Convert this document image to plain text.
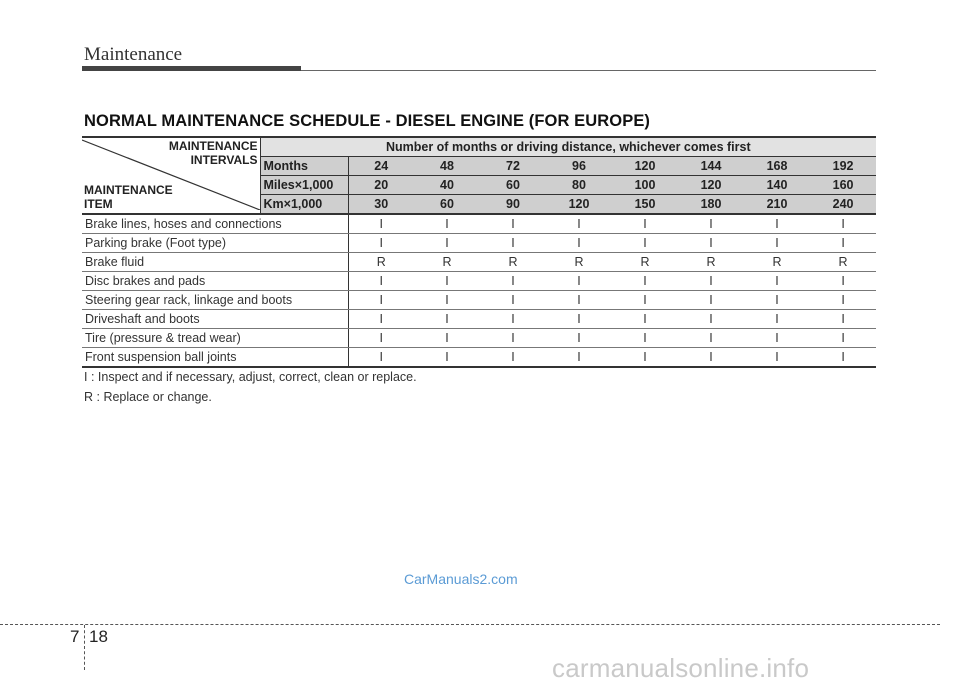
Maintenance
NORMAL MAINTENANCE SCHEDULE - DIESEL ENGINE (FOR EUROPE)
MAINTENANCE
INTERVALS
MAINTENANCE
ITEM	Number of months or driving distance, whichever comes first								
	Months	24	48	72	96	120	144	168	192
	Miles×1,000	20	40	60	80	100	120	140	160
	Km×1,000	30	60	90	120	150	180	210	240
Brake lines, hoses and connections		I	I	I	I	I	I	I	I
Parking brake (Foot type)		I	I	I	I	I	I	I	I
Brake fluid		R	R	R	R	R	R	R	R
Disc brakes and pads		I	I	I	I	I	I	I	I
Steering gear rack, linkage and boots		I	I	I	I	I	I	I	I
Driveshaft and boots		I	I	I	I	I	I	I	I
Tire (pressure & tread wear)		I	I	I	I	I	I	I	I
Front suspension ball joints		I	I	I	I	I	I	I	I
I : Inspect and if necessary, adjust, correct, clean or replace.
R : Replace or change.
CarManuals2.com
7 18
carmanualsonline.info
